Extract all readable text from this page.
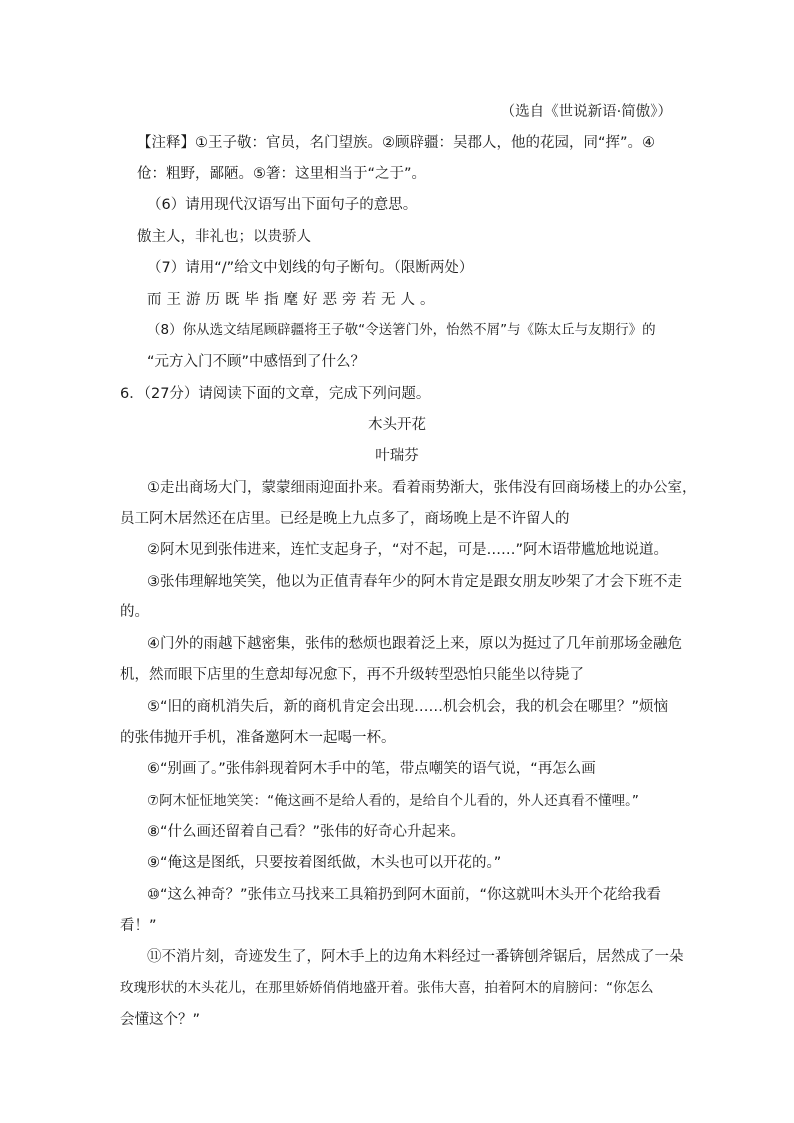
（选自《世说新语·简傲》）
【注释】①王子敬：官员，名门望族。②顾辟疆：吴郡人，他的花园，同“挥”。④
伧：粗野，鄙陋。⑤箸：这里相当于“之于”。
（6）请用现代汉语写出下面句子的意思。
傲主人，非礼也；以贵骄人
（7）请用“/”给文中划线的句子断句。（限断两处）
而王游历既毕指麾好恶旁若无人。
（8）你从选文结尾顾辟疆将王子敬“令送箸门外，怡然不屑”与《陈太丘与友期行》的
“元方入门不顾”中感悟到了什么？
6．（27分）请阅读下面的文章，完成下列问题。
木头开花
叶瑞芬
①走出商场大门，蒙蒙细雨迎面扑来。看着雨势渐大，张伟没有回商场楼上的办公室，
员工阿木居然还在店里。已经是晚上九点多了，商场晚上是不许留人的
②阿木见到张伟进来，连忙支起身子，“对不起，可是……”阿木语带尴尬地说道。
③张伟理解地笑笑，他以为正值青春年少的阿木肯定是跟女朋友吵架了才会下班不走
的。
④门外的雨越下越密集，张伟的愁烦也跟着泛上来，原以为挺过了几年前那场金融危
机，然而眼下店里的生意却每况愈下，再不升级转型恐怕只能坐以待毙了
⑤“旧的商机消失后，新的商机肯定会出现……机会机会，我的机会在哪里？”烦恼
的张伟抛开手机，准备邀阿木一起喝一杯。
⑥“别画了。”张伟斜现着阿木手中的笔，带点嘲笑的语气说，“再怎么画
⑦阿木怔怔地笑笑：“俺这画不是给人看的，是给自个儿看的，外人还真看不懂哩。”
⑧“什么画还留着自己看？”张伟的好奇心升起来。
⑨“俺这是图纸，只要按着图纸做，木头也可以开花的。”
⑩“这么神奇？”张伟立马找来工具箱扔到阿木面前，“你这就叫木头开个花给我看
看！”
⑪不消片刻，奇迹发生了，阿木手上的边角木料经过一番锛刨斧锯后，居然成了一朵
玫瑰形状的木头花儿，在那里娇娇俏俏地盛开着。张伟大喜，拍着阿木的肩膀问：“你怎么
会懂这个？”
